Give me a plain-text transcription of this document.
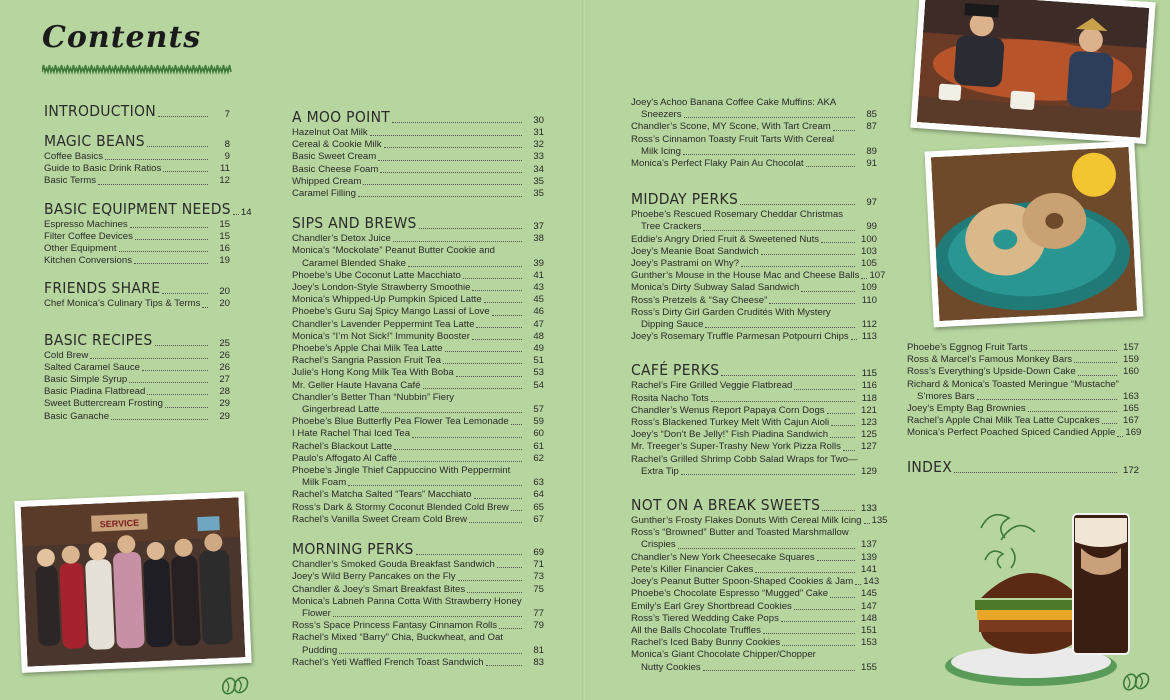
Contents
INTRODUCTION	7
MAGIC BEANS	8
Coffee Basics	9
Guide to Basic Drink Ratios	11
Basic Terms	12
BASIC EQUIPMENT NEEDS 14
Espresso Machines	15
Filter Coffee Devices	15
Other Equipment	16
Kitchen Conversions	19
FRIENDS SHARE	20
Chef Monica’s Culinary Tips & Terms	20
BASIC RECIPES	25
Cold Brew	26
Salted Caramel Sauce	26
Basic Simple Syrup	27
Basic Piadina Flatbread	28
Sweet Buttercream Frosting	29
Basic Ganache	29
A MOO POINT	30
Hazelnut Oat Milk	31
Cereal & Cookie Milk	32
Basic Sweet Cream	33
Basic Cheese Foam	34
Whipped Cream	35
Caramel Filling	35
SIPS AND BREWS	37
Chandler’s Detox Juice	38
Monica’s “Mockolate” Peanut Butter Cookie and
Caramel Blended Shake	39
Phoebe’s Ube Coconut Latte Macchiato	41
Joey’s London-Style Strawberry Smoothie	43
Monica’s Whipped-Up Pumpkin Spiced Latte	45
Phoebe’s Guru Saj Spicy Mango Lassi of Love	46
Chandler’s Lavender Peppermint Tea Latte	47
Monica’s “I’m Not Sick!” Immunity Booster	48
Phoebe’s Apple Chai Milk Tea Latte	49
Rachel’s Sangria Passion Fruit Tea	51
Julie’s Hong Kong Milk Tea With Boba	53
Mr. Geller Haute Havana Café	54
Chandler’s Better Than “Nubbin” Fiery
Gingerbread Latte	57
Phoebe’s Blue Butterfly Pea Flower Tea Lemonade	59
I Hate Rachel Thai Iced Tea	60
Rachel’s Blackout Latte	61
Paulo’s Affogato Al Caffè	62
Phoebe’s Jingle Thief Cappuccino With Peppermint
Milk Foam	63
Rachel’s Matcha Salted “Tears” Macchiato	64
Ross’s Dark & Stormy Coconut Blended Cold Brew	65
Rachel’s Vanilla Sweet Cream Cold Brew	67
MORNING PERKS	69
Chandler’s Smoked Gouda Breakfast Sandwich	71
Joey’s Wild Berry Pancakes on the Fly	73
Chandler & Joey’s Smart Breakfast Bites	75
Monica’s Labneh Panna Cotta With Strawberry Honey
Flower	77
Ross’s Space Princess Fantasy Cinnamon Rolls	79
Rachel’s Mixed “Barry” Chia, Buckwheat, and Oat
Pudding	81
Rachel’s Yeti Waffled French Toast Sandwich	83
SERVICE
Joey’s Achoo Banana Coffee Cake Muffins: AKA
Sneezers	85
Chandler’s Scone, MY Scone, With Tart Cream	87
Ross’s Cinnamon Toasty Fruit Tarts With Cereal
Milk Icing	89
Monica’s Perfect Flaky Pain Au Chocolat	91
MIDDAY PERKS	97
Phoebe’s Rescued Rosemary Cheddar Christmas
Tree Crackers	99
Eddie’s Angry Dried Fruit & Sweetened Nuts	100
Joey’s Meanie Boat Sandwich	103
Joey’s Pastrami on Why?	105
Gunther’s Mouse in the House Mac and Cheese Balls 107
Monica’s Dirty Subway Salad Sandwich	109
Ross’s Pretzels & “Say Cheese”	110
Ross’s Dirty Girl Garden Crudités With Mystery
Dipping Sauce	112
Joey’s Rosemary Truffle Parmesan Potpourri Chips	113
CAFÉ PERKS	115
Rachel’s Fire Grilled Veggie Flatbread	116
Rosita Nacho Tots	118
Chandler’s Wenus Report Papaya Corn Dogs	121
Ross’s Blackened Turkey Melt With Cajun Aioli	123
Joey’s “Don’t Be Jelly!” Fish Piadina Sandwich	125
Mr. Treeger’s Super-Trashy New York Pizza Rolls	127
Rachel’s Grilled Shrimp Cobb Salad Wraps for Two—
Extra Tip	129
NOT ON A BREAK SWEETS	133
Gunther’s Frosty Flakes Donuts With Cereal Milk Icing 135
Ross’s “Browned” Butter and Toasted Marshmallow
Crispies	137
Chandler’s New York Cheesecake Squares	139
Pete’s Killer Financier Cakes	141
Joey’s Peanut Butter Spoon-Shaped Cookies & Jam 143
Phoebe’s Chocolate Espresso “Mugged” Cake	145
Emily’s Earl Grey Shortbread Cookies	147
Ross’s Tiered Wedding Cake Pops	148
All the Balls Chocolate Truffles	151
Rachel’s Iced Baby Bunny Cookies	153
Monica’s Giant Chocolate Chipper/Chopper
Nutty Cookies	155
Phoebe’s Eggnog Fruit Tarts	157
Ross & Marcel’s Famous Monkey Bars	159
Ross’s Everything’s Upside-Down Cake	160
Richard & Monica’s Toasted Meringue “Mustache”
S’mores Bars	163
Joey’s Empty Bag Brownies	165
Rachel’s Apple Chai Milk Tea Latte Cupcakes	167
Monica’s Perfect Poached Spiced Candied Apple 169
INDEX	172
